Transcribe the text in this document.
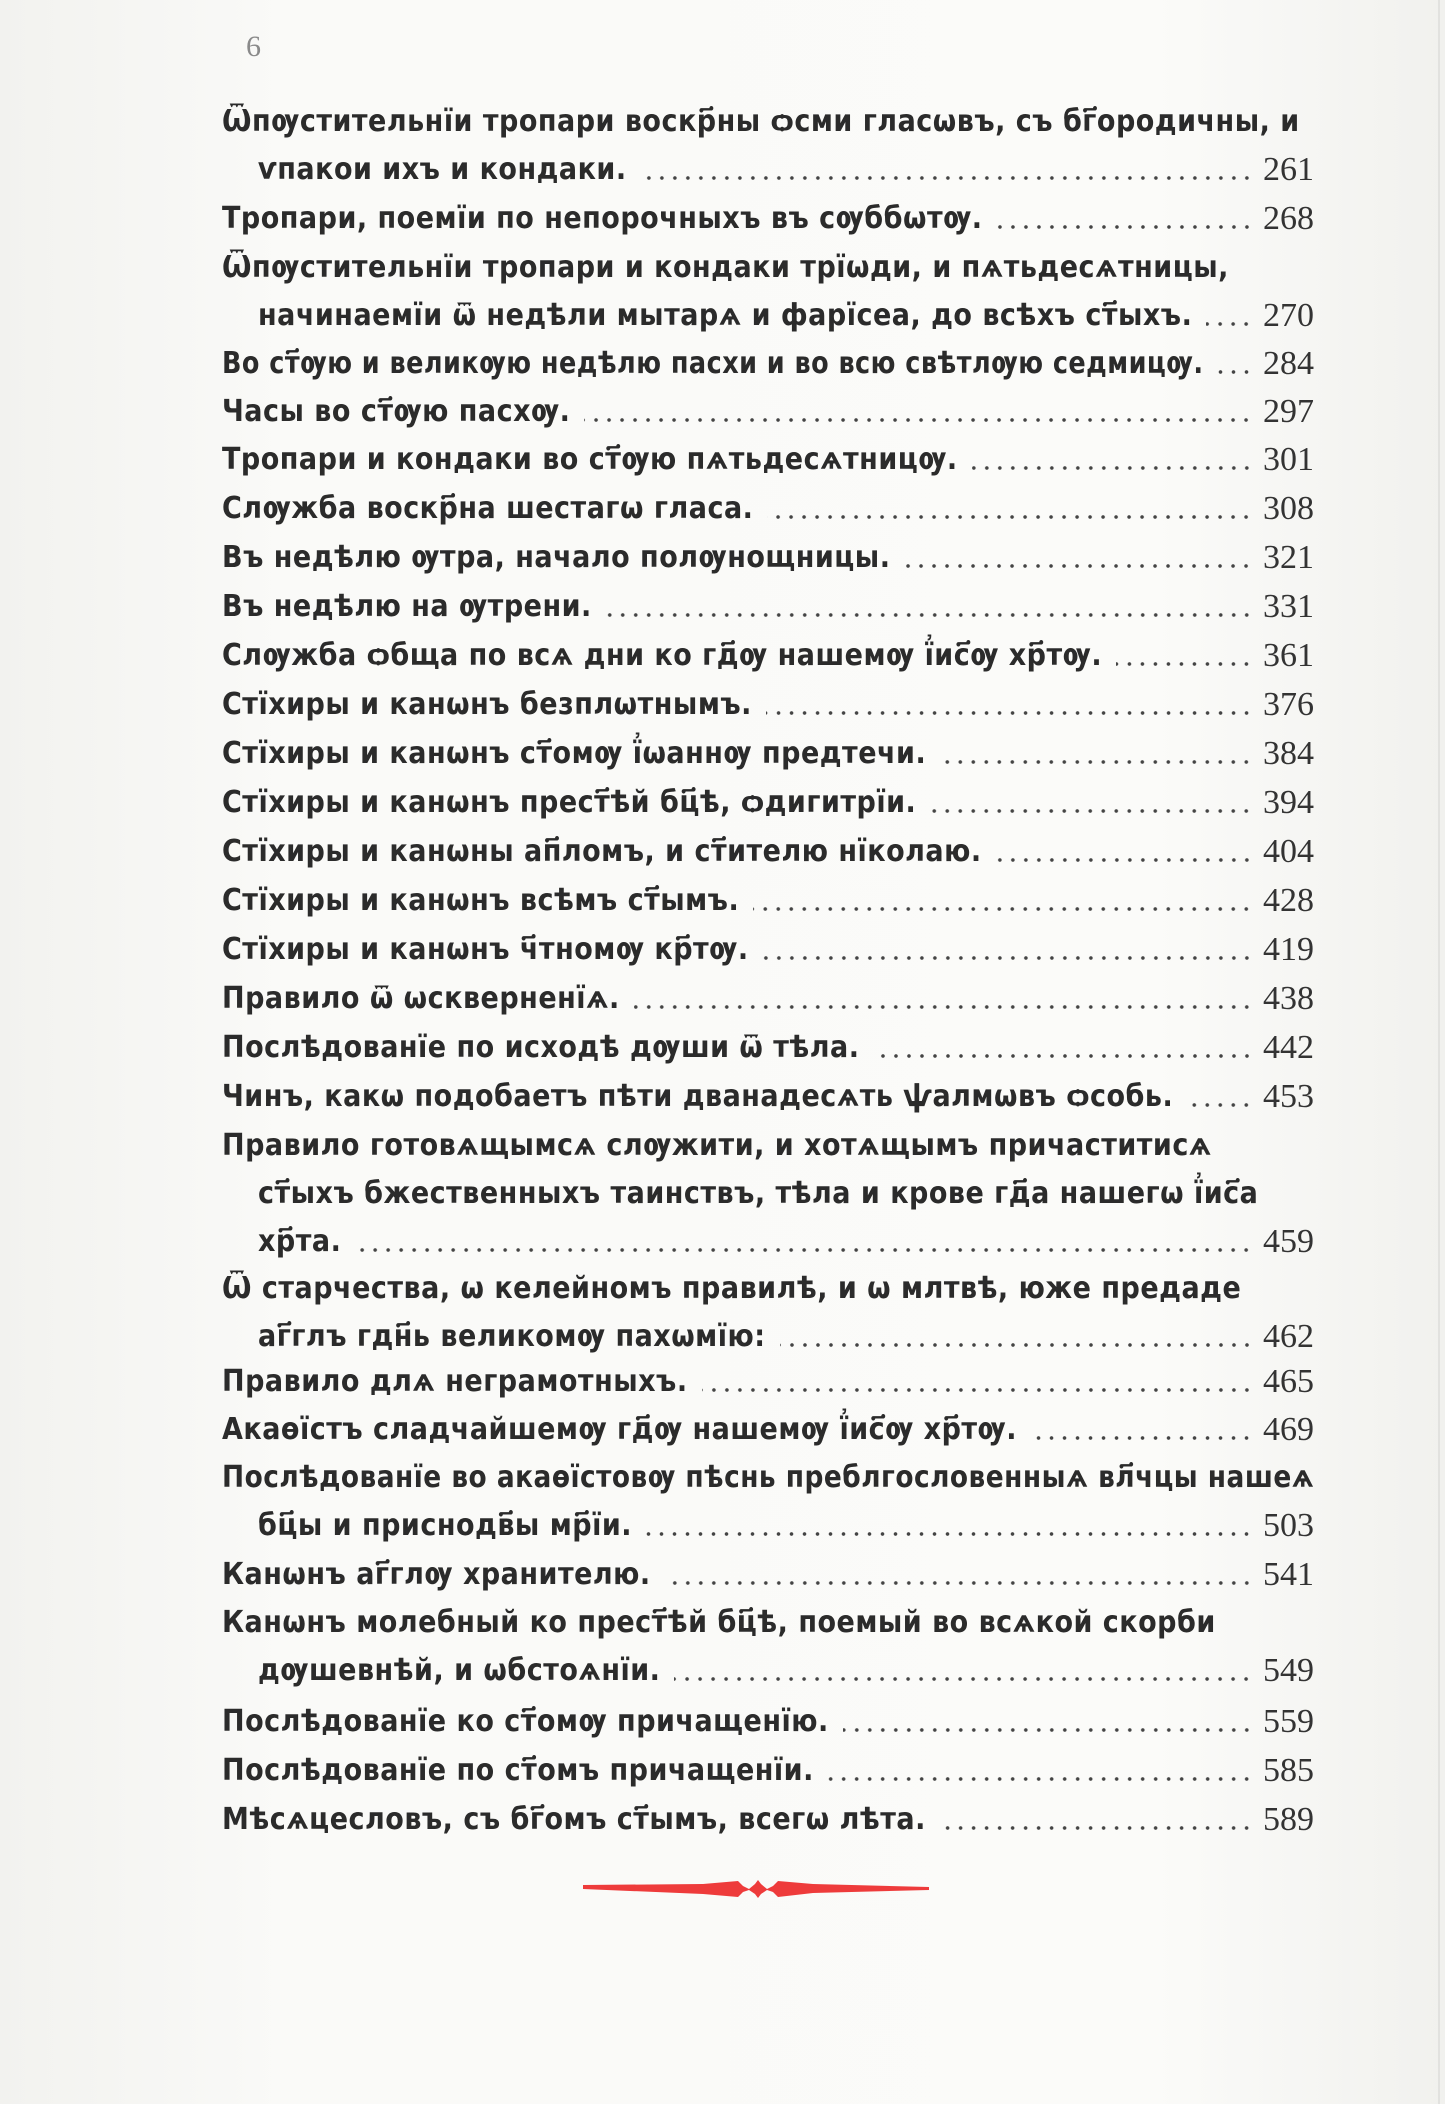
6
Ѿпѹстительнїи тропари воскр҃ны ѻсми гласѡвъ, съ бг҃ородичны, и
ѵпакои ихъ и кондаки.	261
Тропари, поемїи по непорочныхъ въ сѹббѡтѹ.	268
Ѿпѹстительнїи тропари и кондаки трїѡди, и пѧтьдесѧтницы,
начинаемїи ѿ недѣли мытарѧ и фарїсеа, до всѣхъ ст҃ыхъ. 270
Во ст҃ѹю и великѹю недѣлю пасхи и во всю свѣтлѹю седмицѹ. 284
Часы во ст҃ѹю пасхѹ.	297
Тропари и кондаки во ст҃ѹю пѧтьдесѧтницѹ.	301
Слѹжба воскр҃на шестагѡ гласа.	308
Въ недѣлю ѹтра, начало полѹнощницы.	321
Въ недѣлю на ѹтрени.	331
Слѹжба ѻбща по всѧ дни ко гд҃ѹ нашемѹ ї҆ис҃ѹ хр҃тѹ.	361
Стїхиры и канѡнъ безплѡтнымъ.	376
Стїхиры и канѡнъ ст҃омѹ ї҆ѡаннѹ предтечи.	384
Стїхиры и канѡнъ прест҃ѣй бц҃ѣ, ѻдигитрїи.	394
Стїхиры и канѡны ап҃ломъ, и ст҃ителю нїколаю.	404
Стїхиры и канѡнъ всѣмъ ст҃ымъ.	428
Стїхиры и канѡнъ ч҃тномѹ кр҃тѹ.	419
Правило ѿ ѡскверненїѧ.	438
Послѣдованїе по исходѣ дѹши ѿ тѣла.	442
Чинъ, какѡ подобаетъ пѣти дванадесѧть ѱалмѡвъ ѻсобь.	453
Правило готовѧщымсѧ слѹжити, и хотѧщымъ причаститисѧ
ст҃ыхъ бжественныхъ таинствъ, тѣла и крове гд҃а нашегѡ ї҆ис҃а
хр҃та.	459
Ѿ старчества, ѡ келейномъ правилѣ, и ѡ млтвѣ, юже предаде
аг҃глъ гдн҃ь великомѹ пахѡмїю:	462
Правило длѧ неграмотныхъ.	465
Акаѳїстъ сладчайшемѹ гд҃ѹ нашемѹ ї҆ис҃ѹ хр҃тѹ.	469
Послѣдованїе во акаѳїстовѹ пѣснь преблгословенныѧ вл҃чцы нашеѧ
бц҃ы и приснодв҃ы мр҃їи.	503
Канѡнъ аг҃глѹ хранителю.	541
Канѡнъ молебный ко прест҃ѣй бц҃ѣ, поемый во всѧкой скорби
дѹшевнѣй, и ѡбстоѧнїи.	549
Послѣдованїе ко ст҃омѹ причащенїю.	559
Послѣдованїе по ст҃омъ причащенїи.	585
Мѣсѧцесловъ, съ бг҃омъ ст҃ымъ, всегѡ лѣта.	589
